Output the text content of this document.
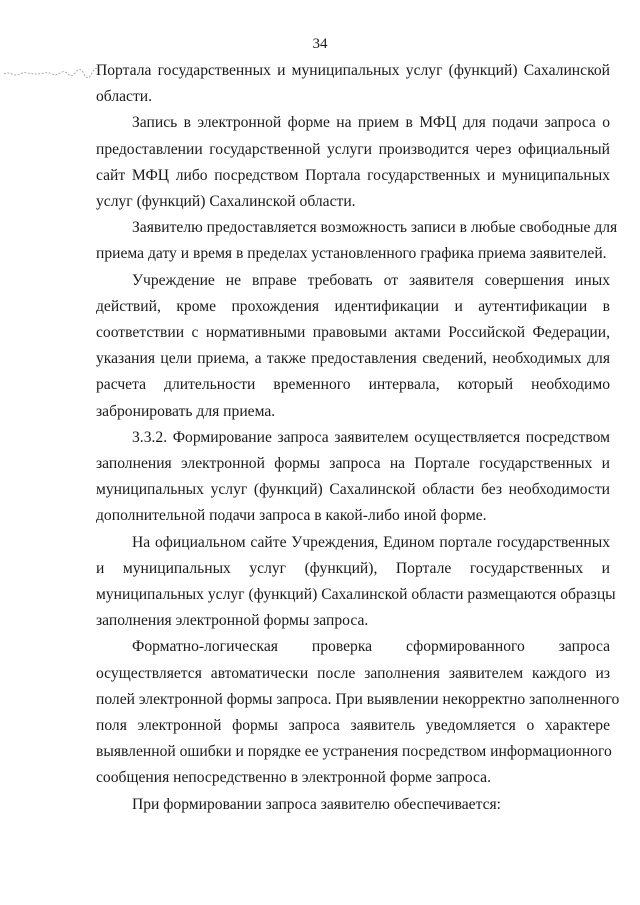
34

Портала государственных и муниципальных услуг (функций) Сахалинской
области.

Запись в электронной форме на прием в МФЦ для подачи запроса о
предоставлении государственной услуги производится через официальный
сайт МФЦ либо посредством Портала государственных и муниципальных
услуг (функций) Сахалинской области.

Заявителю предоставляется возможность записи в любые свободные для
приема дату и время в пределах установленного графика приема заявителей.

Учреждение не вправе требовать от заявителя совершения иных
действий, кроме прохождения идентификации и аутентификации в
соответствии с нормативными правовыми актами Российской Федерации,
указания цели приема, а также предоставления сведений, необходимых для
расчета длительности временного интервала, который необходимо
забронировать для приема.

3.3.2. Формирование запроса заявителем осуществляется посредством
заполнения электронной формы запроса на Портале государственных и
муниципальных услуг (функций) Сахалинской области без необходимости
дополнительной подачи запроса в какой-либо иной форме.

На официальном сайте Учреждения, Едином портале государственных
и муниципальных услуг (функций), Портале государственных и
муниципальных услуг (функций) Сахалинской области размещаются образцы
заполнения электронной формы запроса.

Форматно-логическая проверка сформированного запроса
осуществляется автоматически после заполнения заявителем каждого из
полей электронной формы запроса. При выявлении некорректно заполненного
поля электронной формы запроса заявитель уведомляется о характере
выявленной ошибки и порядке ее устранения посредством информационного
сообщения непосредственно в электронной форме запроса.

При формировании запроса заявителю обеспечивается:
